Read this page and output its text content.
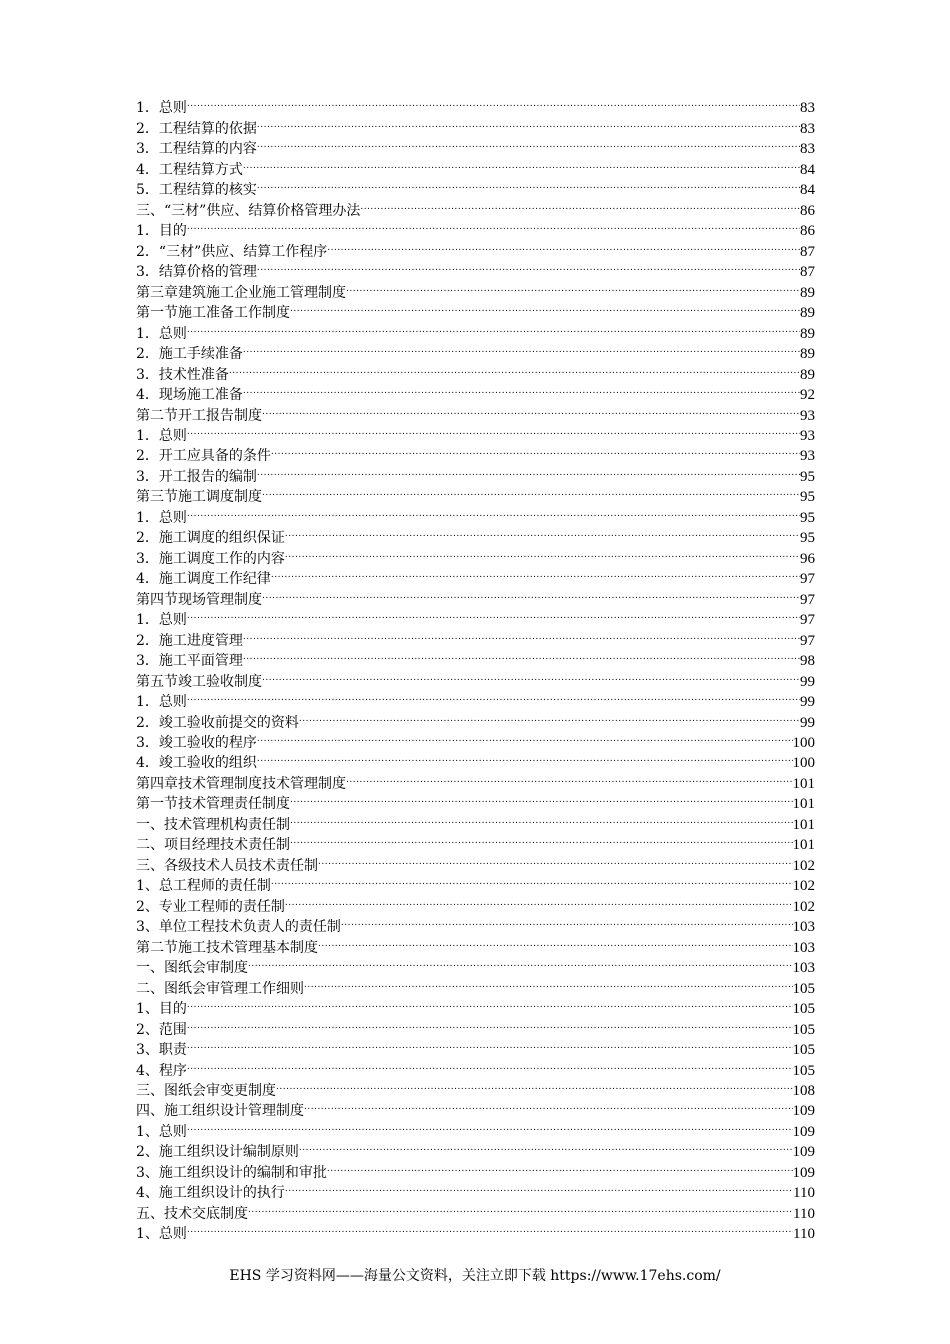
1．总则 .....	83
2．工程结算的依据 .....	83
3．工程结算的内容 .....	83
4．工程结算方式 .....	84
5．工程结算的核实 .....	84
三、“三材”供应、结算价格管理办法 .....	86
1．目的 .....	86
2．“三材”供应、结算工作程序 .....	87
3．结算价格的管理 .....	87
第三章建筑施工企业施工管理制度 .....	89
第一节施工准备工作制度 .....	89
1．总则 .....	89
2．施工手续准备 .....	89
3．技术性准备 .....	89
4．现场施工准备 .....	92
第二节开工报告制度 .....	93
1．总则 .....	93
2．开工应具备的条件 .....	93
3．开工报告的编制 .....	95
第三节施工调度制度 .....	95
1．总则 .....	95
2．施工调度的组织保证 .....	95
3．施工调度工作的内容 .....	96
4．施工调度工作纪律 .....	97
第四节现场管理制度 .....	97
1．总则 .....	97
2．施工进度管理 .....	97
3．施工平面管理 .....	98
第五节竣工验收制度 .....	99
1．总则 .....	99
2．竣工验收前提交的资料 .....	99
3．竣工验收的程序 .....	100
4．竣工验收的组织 .....	100
第四章技术管理制度技术管理制度 .....	101
第一节技术管理责任制度 .....	101
一、技术管理机构责任制 .....	101
二、项目经理技术责任制 .....	101
三、各级技术人员技术责任制 .....	102
1、总工程师的责任制 .....	102
2、专业工程师的责任制 .....	102
3、单位工程技术负责人的责任制 .....	103
第二节施工技术管理基本制度 .....	103
一、图纸会审制度 .....	103
二、图纸会审管理工作细则 .....	105
1、目的 .....	105
2、范围 .....	105
3、职责 .....	105
4、程序 .....	105
三、图纸会审变更制度 .....	108
四、施工组织设计管理制度 .....	109
1、总则 .....	109
2、施工组织设计编制原则 .....	109
3、施工组织设计的编制和审批 .....	109
4、施工组织设计的执行 .....	110
五、技术交底制度 .....	110
1、总则 .....	110
EHS 学习资料网——海量公文资料，关注立即下载 https://www.17ehs.com/
